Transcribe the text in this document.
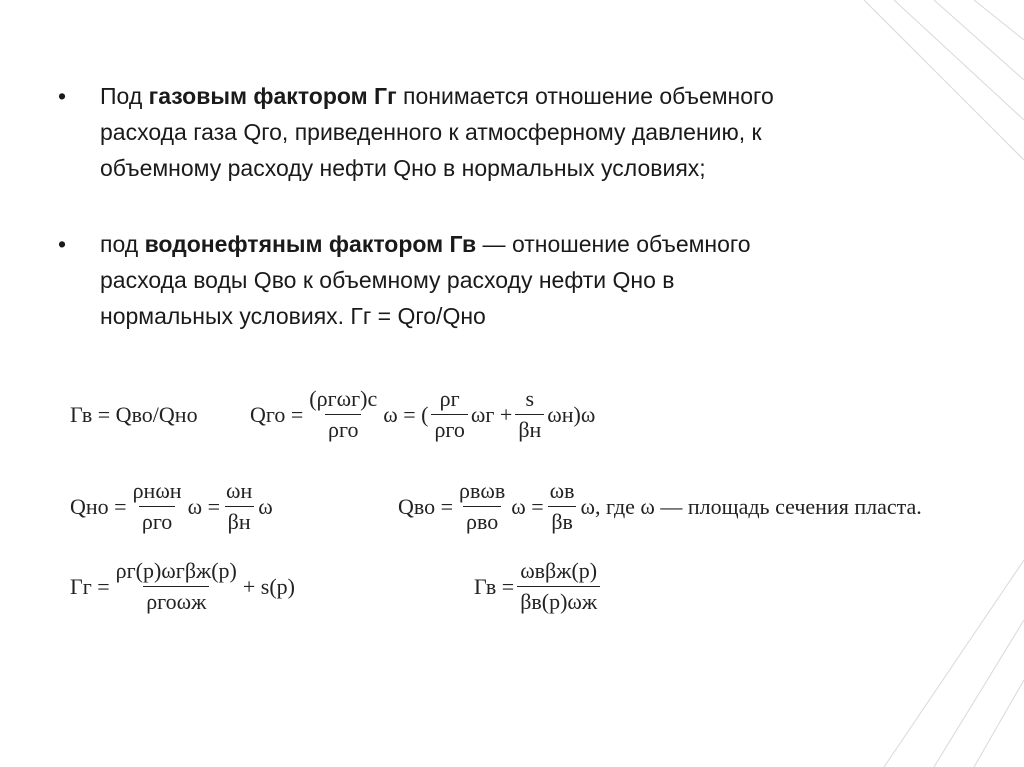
• Под газовым фактором Гг понимается отношение объемного
расхода газа Qго, приведенного к атмосферному давлению, к
объемному расходу нефти Qно в нормальных условиях;
• под водонефтяным фактором Гв — отношение объемного
расхода воды Qво к объемному расходу нефти Qно в
нормальных условиях. Гг = Qго/Qно
Гв = Qво/Qно Qго = $\frac{\text{(ρгωг)c}}{\text{ρго}}$ ω = ( $\frac{\rho г}{\text{ρго}}$ $\omega г + \frac{s}{\beta н} \omega н)\omega$
Qно = $\frac{\text{ρнωн}}{\text{ρго}}$ $\omega = \frac{\omega н}{\beta н}$ ω	Qво = $\frac{\text{ρвωв}}{\text{ρво}}$ $\omega = \frac{\omega в}{\beta в} \omega$, где ω — площадь сечения пласта.
Гг = $\frac{\text{ρг(p)ωгβж(p)}}{\text{ρгоωж}} + s(p)$	Гв = $\frac{\text{ωвβж(p)}}{\beta в(p)\omega ж}$
